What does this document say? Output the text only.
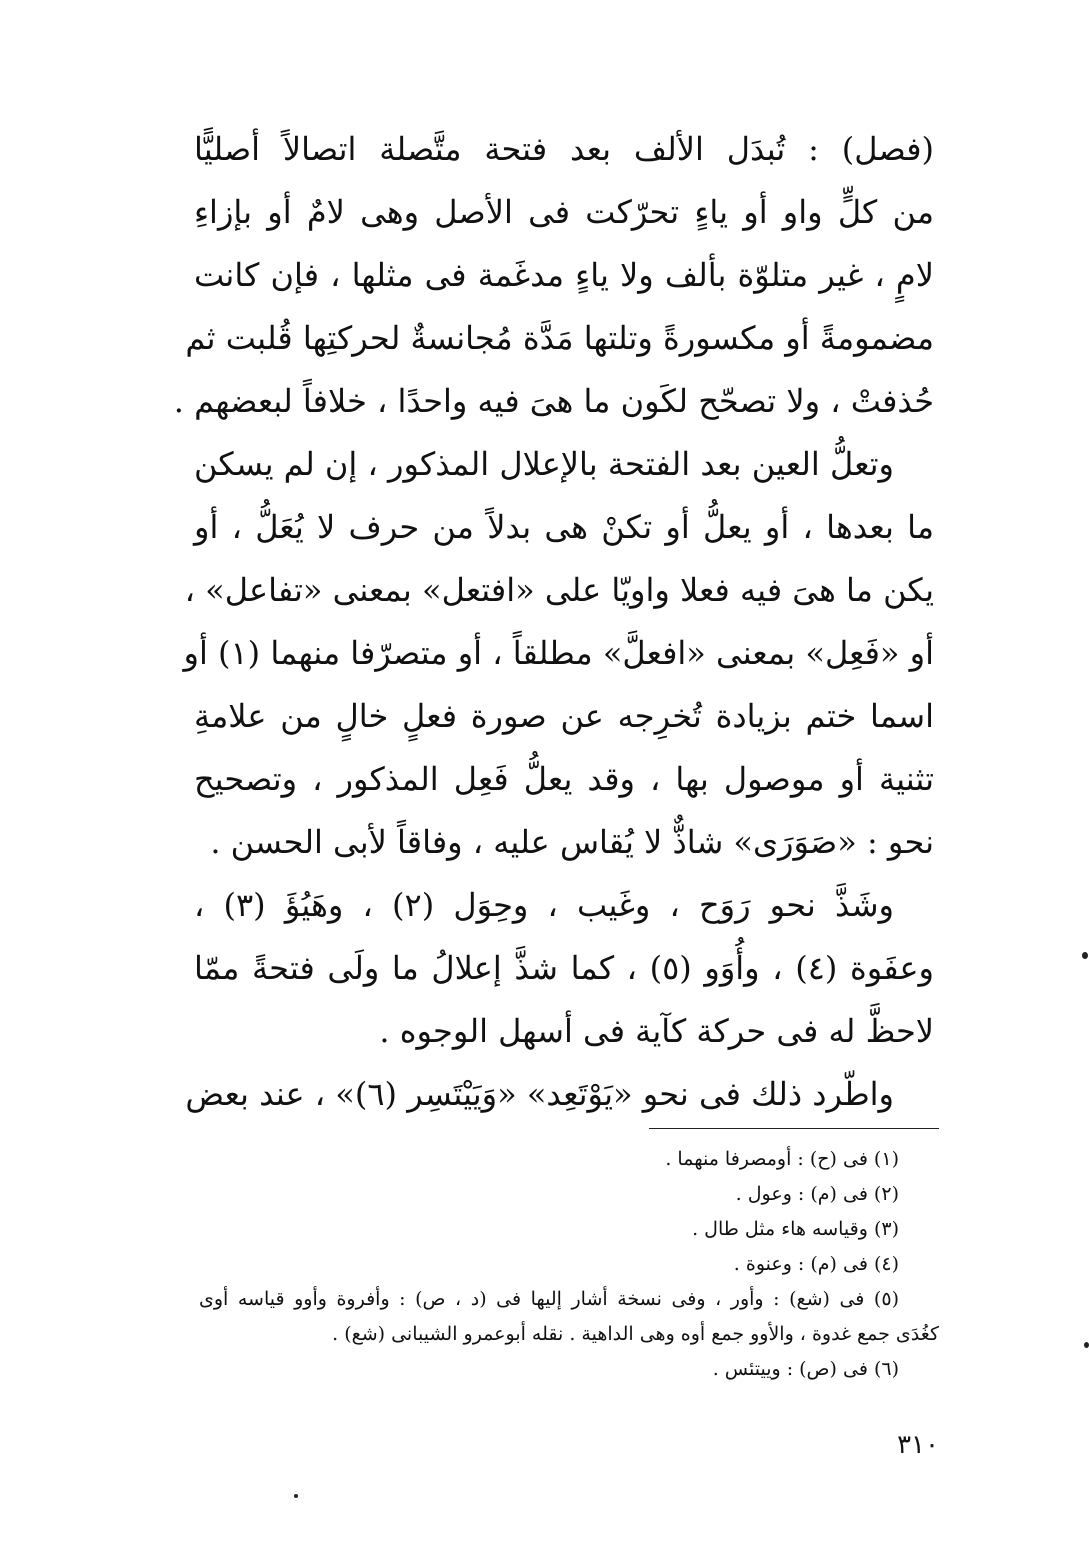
(فصل) : تُبدَل الألف بعد فتحة متَّصلة اتصالاً أصليًّا
من كلٍّ واو أو ياءٍ تحرّكت فى الأصل وهى لامٌ أو بإزاءِ
لامٍ ، غير متلوّة بألف ولا ياءٍ مدغَمة فى مثلها ، فإن كانت
مضمومةً أو مكسورةً وتلتها مَدَّة مُجانسةٌ لحركتِها قُلبت ثم
حُذفتْ ، ولا تصحّح لكَون ما هىَ فيه واحدًا ، خلافاً لبعضهم .
وتعلُّ العين بعد الفتحة بالإعلال المذكور ، إن لم يسكن
ما بعدها ، أو يعلُّ أو تكنْ هى بدلاً من حرف لا يُعَلُّ ، أو
يكن ما هىَ فيه فعلا واويّا على «افتعل» بمعنى «تفاعل» ،
أو «فَعِل» بمعنى «افعلَّ» مطلقاً ، أو متصرّفا منهما (١) أو
اسما ختم بزيادة تُخرِجه عن صورة فعلٍ خالٍ من علامةِ
تثنية أو موصول بها ، وقد يعلُّ فَعِل المذكور ، وتصحيح
نحو : «صَوَرَى» شاذٌّ لا يُقاس عليه ، وفاقاً لأبى الحسن .
وشَذَّ نحو رَوَح ، وغَيب ، وحِوَل (٢) ، وهَيُؤَ (٣) ،
وعفَوة (٤) ، وأُوَو (٥) ، كما شذَّ إعلالُ ما ولَى فتحةً ممّا
لاحظَّ له فى حركة كآية فى أسهل الوجوه .
واطّرد ذلك فى نحو «يَوْتَعِد» «وَيَيْتَسِر (٦)» ، عند بعض
(١) فى (ح) : أومصرفا منهما .
(٢) فى (م) : وعول .
(٣) وقياسه هاء مثل طال .
(٤) فى (م) : وعنوة .
(٥) فى (شع) : وأور ، وفى نسخة أشار إليها فى (د ، ص) : وأفروة وأوو قياسه أوى
كغُدَى جمع غدوة ، والأوو جمع أوه وهى الداهية . نقله أبوعمرو الشيبانى (شع) .
(٦) فى (ص) : وييتئس .
٣١٠
